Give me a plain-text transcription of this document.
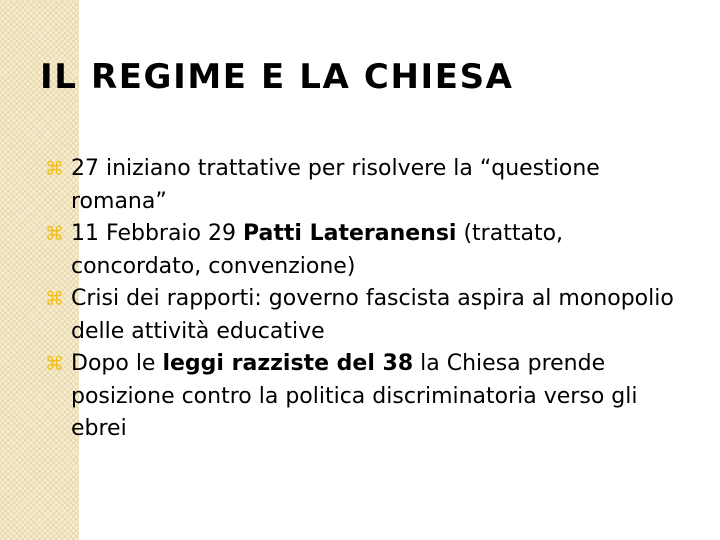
IL REGIME E LA CHIESA
⌘ 27 iniziano trattative per risolvere la “questione romana”
⌘ 11 Febbraio 29 Patti Lateranensi (trattato, concordato, convenzione)
⌘ Crisi dei rapporti: governo fascista aspira al monopolio delle attività educative
⌘ Dopo le leggi razziste del 38 la Chiesa prende posizione contro la politica discriminatoria verso gli ebrei
